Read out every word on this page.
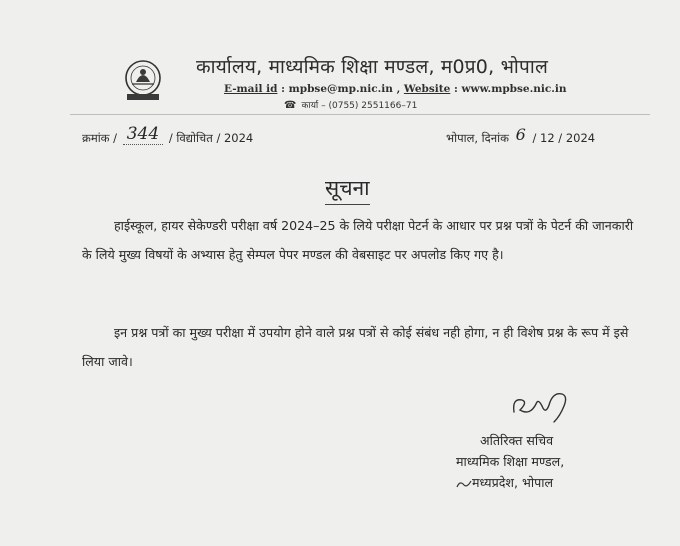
कार्यालय, माध्यमिक शिक्षा मण्डल, म0प्र0, भोपाल
E-mail id : mpbse@mp.nic.in , Website : www.mpbse.nic.in
☎ कार्या – (0755) 2551166–71
क्रमांक / 344 / विद्योचित / 2024	भोपाल, दिनांक 6 / 12 / 2024
सूचना
हाईस्कूल, हायर सेकेण्डरी परीक्षा वर्ष 2024–25 के लिये परीक्षा पेटर्न के आधार पर प्रश्न पत्रों के पेटर्न की जानकारी के लिये मुख्य विषयों के अभ्यास हेतु सेम्पल पेपर मण्डल की वेबसाइट पर अपलोड किए गए है।
इन प्रश्न पत्रों का मुख्य परीक्षा में उपयोग होने वाले प्रश्न पत्रों से कोई संबंध नही होगा, न ही विशेष प्रश्न के रूप में इसे लिया जावे।
अतिरिक्त सचिव
माध्यमिक शिक्षा मण्डल,
मध्यप्रदेश, भोपाल
